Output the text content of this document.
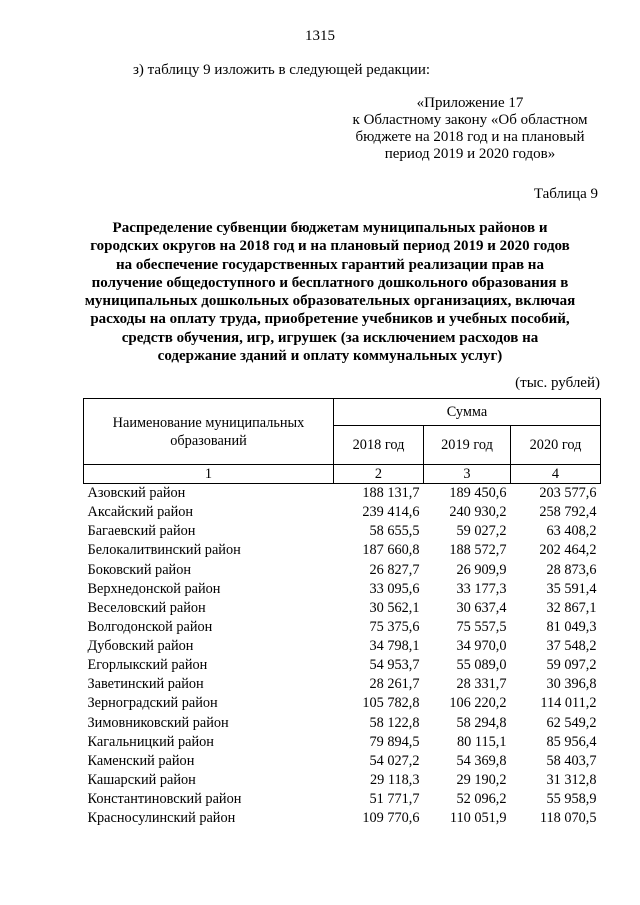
1315
з) таблицу 9 изложить в следующей редакции:
«Приложение 17
к Областному закону «Об областном
бюджете на 2018 год и на плановый
период 2019 и 2020 годов»
Таблица 9
Распределение субвенции бюджетам муниципальных районов и
городских округов на 2018 год и на плановый период 2019 и 2020 годов
на обеспечение государственных гарантий реализации прав на
получение общедоступного и бесплатного дошкольного образования в
муниципальных дошкольных образовательных организациях, включая
расходы на оплату труда, приобретение учебников и учебных пособий,
средств обучения, игр, игрушек (за исключением расходов на
содержание зданий и оплату коммунальных услуг)
(тыс. рублей)
Наименование муниципальных образований	Сумма		
	2018 год	2019 год	2020 год
1	2	3	4
Азовский район	188 131,7	189 450,6	203 577,6
Аксайский район	239 414,6	240 930,2	258 792,4
Багаевский район	58 655,5	59 027,2	63 408,2
Белокалитвинский район	187 660,8	188 572,7	202 464,2
Боковский район	26 827,7	26 909,9	28 873,6
Верхнедонской район	33 095,6	33 177,3	35 591,4
Веселовский район	30 562,1	30 637,4	32 867,1
Волгодонской район	75 375,6	75 557,5	81 049,3
Дубовский район	34 798,1	34 970,0	37 548,2
Егорлыкский район	54 953,7	55 089,0	59 097,2
Заветинский район	28 261,7	28 331,7	30 396,8
Зерноградский район	105 782,8	106 220,2	114 011,2
Зимовниковский район	58 122,8	58 294,8	62 549,2
Кагальницкий район	79 894,5	80 115,1	85 956,4
Каменский район	54 027,2	54 369,8	58 403,7
Кашарский район	29 118,3	29 190,2	31 312,8
Константиновский район	51 771,7	52 096,2	55 958,9
Красносулинский район	109 770,6	110 051,9	118 070,5
